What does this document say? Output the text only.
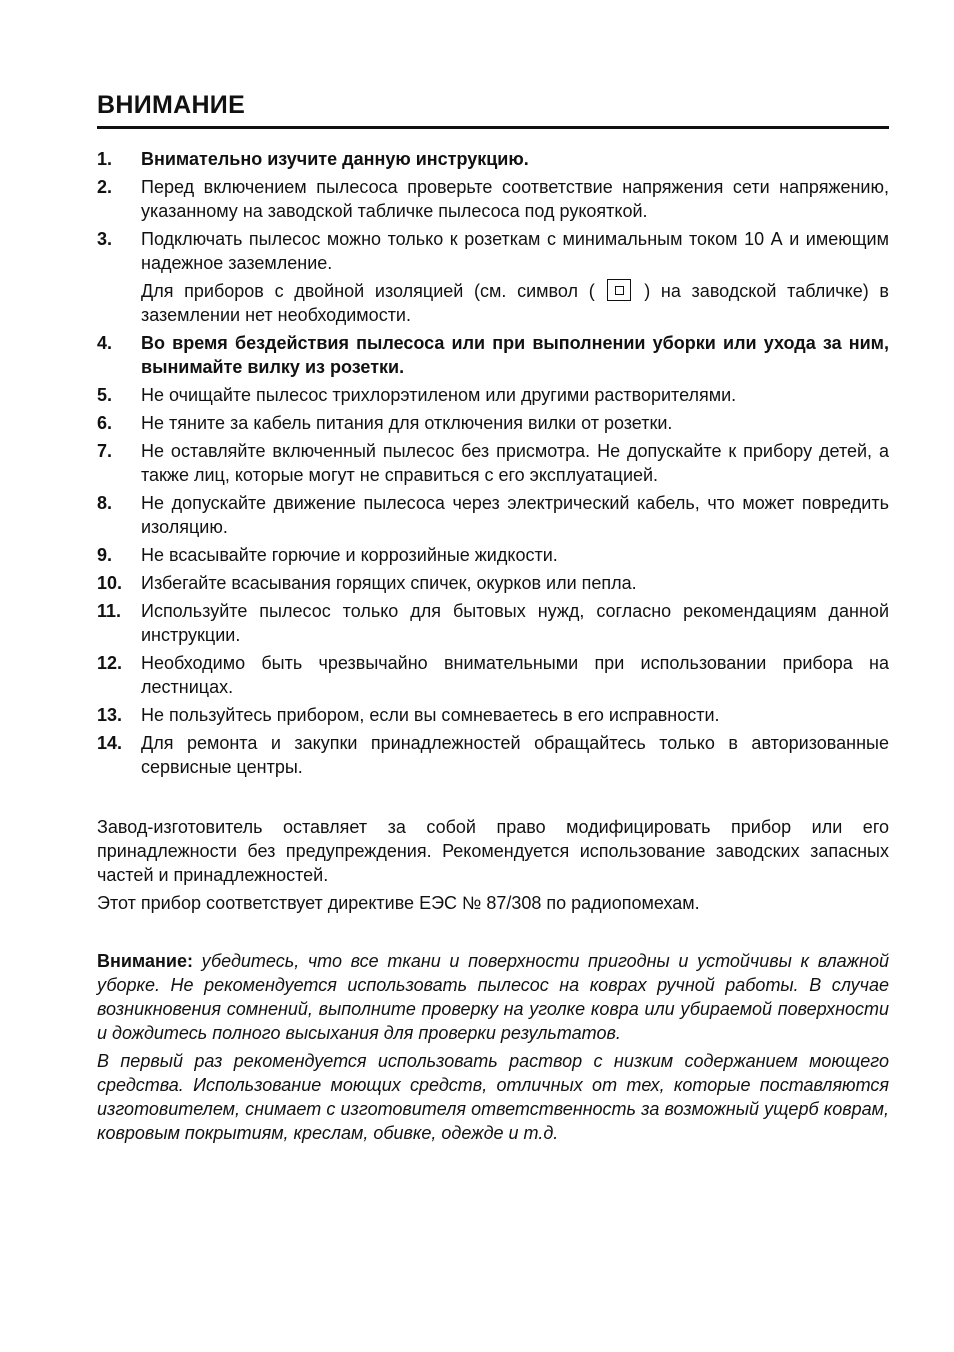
ВНИМАНИЕ
1.	Внимательно изучите данную инструкцию.
2.	Перед включением пылесоса проверьте соответствие напряжения сети напряжению, указанному на заводской табличке пылесоса под рукояткой.
3.	Подключать пылесос можно только к розеткам с минимальным током 10 А и имеющим надежное заземление.
Для приборов с двойной изоляцией (см. символ (	) на заводской табличке) в заземлении нет необходимости.
4.	Во время бездействия пылесоса или при выполнении уборки или ухода за ним, вынимайте вилку из розетки.
5.	Не очищайте пылесос трихлорэтиленом или другими растворителями.
6.	Не тяните за кабель питания для отключения вилки от розетки.
7.	Не оставляйте включенный пылесос без присмотра. Не допускайте к прибору детей, а также лиц, которые могут не справиться с его эксплуатацией.
8.	Не допускайте движение пылесоса через электрический кабель, что может повредить изоляцию.
9.	Не всасывайте горючие и коррозийные жидкости.
10.	Избегайте всасывания горящих спичек, окурков или пепла.
11.	Используйте пылесос только для бытовых нужд, согласно рекомендациям данной инструкции.
12.	Необходимо быть чрезвычайно внимательными при использовании прибора на лестницах.
13.	Не пользуйтесь прибором, если вы сомневаетесь в его исправности.
14.	Для ремонта и закупки принадлежностей обращайтесь только в авторизованные сервисные центры.

Завод-изготовитель оставляет за собой право модифицировать прибор или его принадлежности без предупреждения. Рекомендуется использование заводских запасных частей и принадлежностей.

Этот прибор соответствует директиве ЕЭС № 87/308 по радиопомехам.

Внимание: убедитесь, что все ткани и поверхности пригодны и устойчивы к влажной уборке. Не рекомендуется использовать пылесос на коврах ручной работы. В случае возникновения сомнений, выполните проверку на уголке ковра или убираемой поверхности и дождитесь полного высыхания для проверки результатов.

В первый раз рекомендуется использовать раствор с низким содержанием моющего средства. Использование моющих средств, отличных от тех, которые поставляются изготовителем, снимает с изготовителя ответственность за возможный ущерб коврам, ковровым покрытиям, креслам, обивке, одежде и т.д.
